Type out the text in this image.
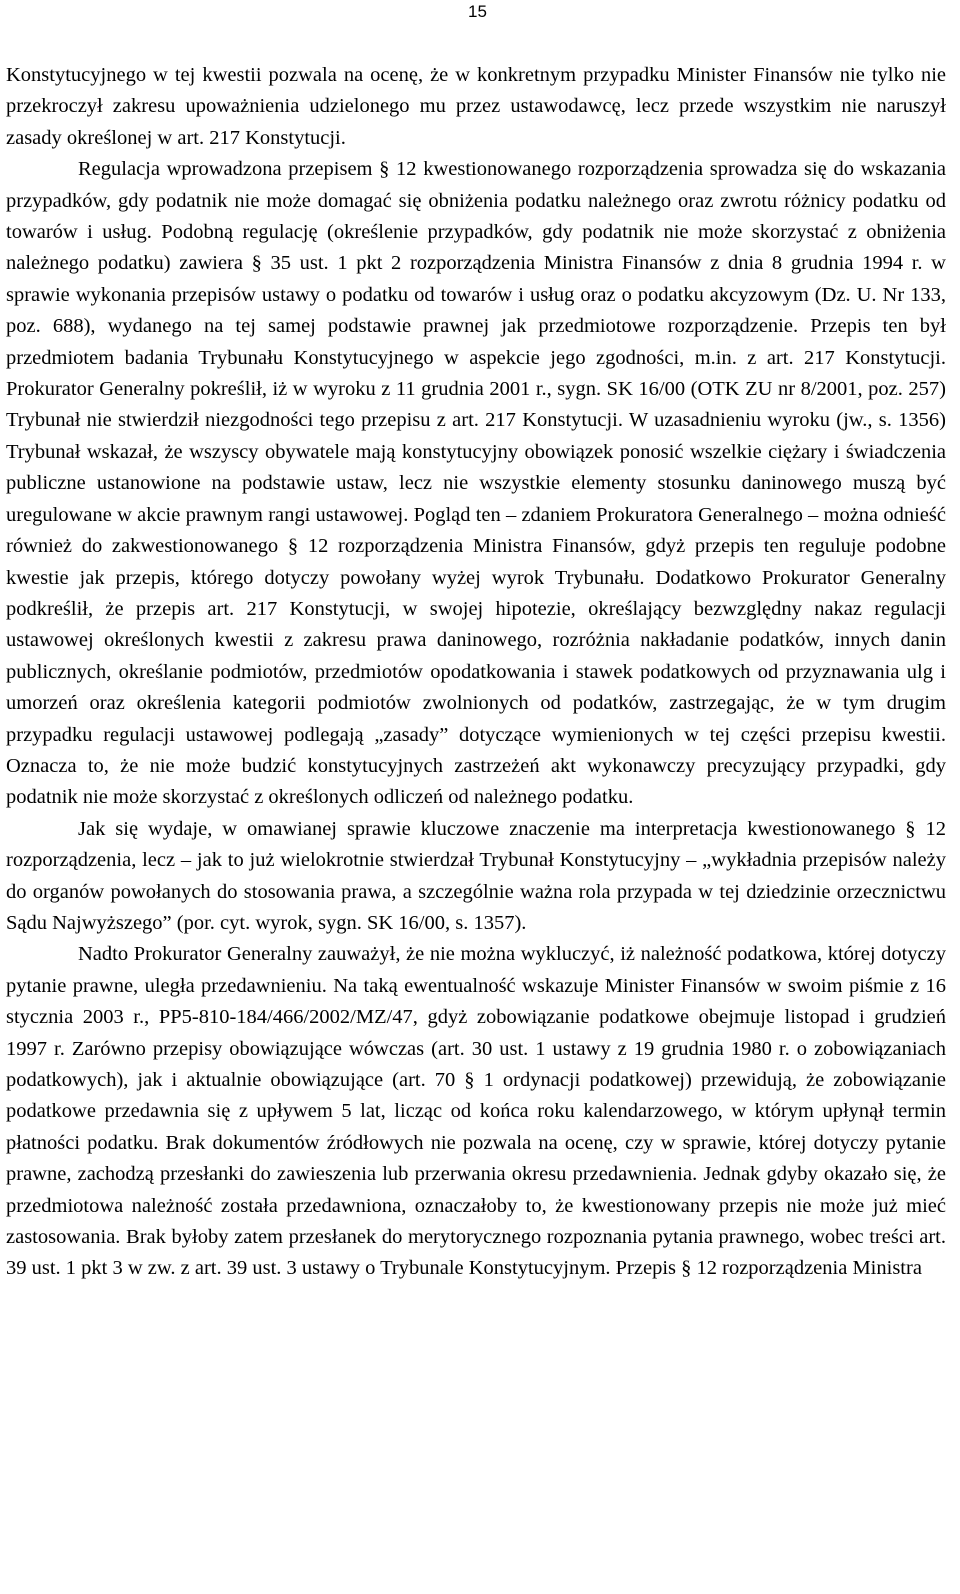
15

Konstytucyjnego w tej kwestii pozwala na ocenę, że w konkretnym przypadku Minister Finansów nie tylko nie przekroczył zakresu upoważnienia udzielonego mu przez ustawodawcę, lecz przede wszystkim nie naruszył zasady określonej w art. 217 Konstytucji.

Regulacja wprowadzona przepisem § 12 kwestionowanego rozporządzenia sprowadza się do wskazania przypadków, gdy podatnik nie może domagać się obniżenia podatku należnego oraz zwrotu różnicy podatku od towarów i usług. Podobną regulację (określenie przypadków, gdy podatnik nie może skorzystać z obniżenia należnego podatku) zawiera § 35 ust. 1 pkt 2 rozporządzenia Ministra Finansów z dnia 8 grudnia 1994 r. w sprawie wykonania przepisów ustawy o podatku od towarów i usług oraz o podatku akcyzowym (Dz. U. Nr 133, poz. 688), wydanego na tej samej podstawie prawnej jak przedmiotowe rozporządzenie. Przepis ten był przedmiotem badania Trybunału Konstytucyjnego w aspekcie jego zgodności, m.in. z art. 217 Konstytucji. Prokurator Generalny pokreślił, iż w wyroku z 11 grudnia 2001 r., sygn. SK 16/00 (OTK ZU nr 8/2001, poz. 257) Trybunał nie stwierdził niezgodności tego przepisu z art. 217 Konstytucji. W uzasadnieniu wyroku (jw., s. 1356) Trybunał wskazał, że wszyscy obywatele mają konstytucyjny obowiązek ponosić wszelkie ciężary i świadczenia publiczne ustanowione na podstawie ustaw, lecz nie wszystkie elementy stosunku daninowego muszą być uregulowane w akcie prawnym rangi ustawowej. Pogląd ten – zdaniem Prokuratora Generalnego – można odnieść również do zakwestionowanego § 12 rozporządzenia Ministra Finansów, gdyż przepis ten reguluje podobne kwestie jak przepis, którego dotyczy powołany wyżej wyrok Trybunału. Dodatkowo Prokurator Generalny podkreślił, że przepis art. 217 Konstytucji, w swojej hipotezie, określający bezwzględny nakaz regulacji ustawowej określonych kwestii z zakresu prawa daninowego, rozróżnia nakładanie podatków, innych danin publicznych, określanie podmiotów, przedmiotów opodatkowania i stawek podatkowych od przyznawania ulg i umorzeń oraz określenia kategorii podmiotów zwolnionych od podatków, zastrzegając, że w tym drugim przypadku regulacji ustawowej podlegają „zasady” dotyczące wymienionych w tej części przepisu kwestii. Oznacza to, że nie może budzić konstytucyjnych zastrzeżeń akt wykonawczy precyzujący przypadki, gdy podatnik nie może skorzystać z określonych odliczeń od należnego podatku.

Jak się wydaje, w omawianej sprawie kluczowe znaczenie ma interpretacja kwestionowanego § 12 rozporządzenia, lecz – jak to już wielokrotnie stwierdzał Trybunał Konstytucyjny – „wykładnia przepisów należy do organów powołanych do stosowania prawa, a szczególnie ważna rola przypada w tej dziedzinie orzecznictwu Sądu Najwyższego” (por. cyt. wyrok, sygn. SK 16/00, s. 1357).

Nadto Prokurator Generalny zauważył, że nie można wykluczyć, iż należność podatkowa, której dotyczy pytanie prawne, uległa przedawnieniu. Na taką ewentualność wskazuje Minister Finansów w swoim piśmie z 16 stycznia 2003 r., PP5-810-184/466/2002/MZ/47, gdyż zobowiązanie podatkowe obejmuje listopad i grudzień 1997 r. Zarówno przepisy obowiązujące wówczas (art. 30 ust. 1 ustawy z 19 grudnia 1980 r. o zobowiązaniach podatkowych), jak i aktualnie obowiązujące (art. 70 § 1 ordynacji podatkowej) przewidują, że zobowiązanie podatkowe przedawnia się z upływem 5 lat, licząc od końca roku kalendarzowego, w którym upłynął termin płatności podatku. Brak dokumentów źródłowych nie pozwala na ocenę, czy w sprawie, której dotyczy pytanie prawne, zachodzą przesłanki do zawieszenia lub przerwania okresu przedawnienia. Jednak gdyby okazało się, że przedmiotowa należność została przedawniona, oznaczałoby to, że kwestionowany przepis nie może już mieć zastosowania. Brak byłoby zatem przesłanek do merytorycznego rozpoznania pytania prawnego, wobec treści art. 39 ust. 1 pkt 3 w zw. z art. 39 ust. 3 ustawy o Trybunale Konstytucyjnym. Przepis § 12 rozporządzenia Ministra
